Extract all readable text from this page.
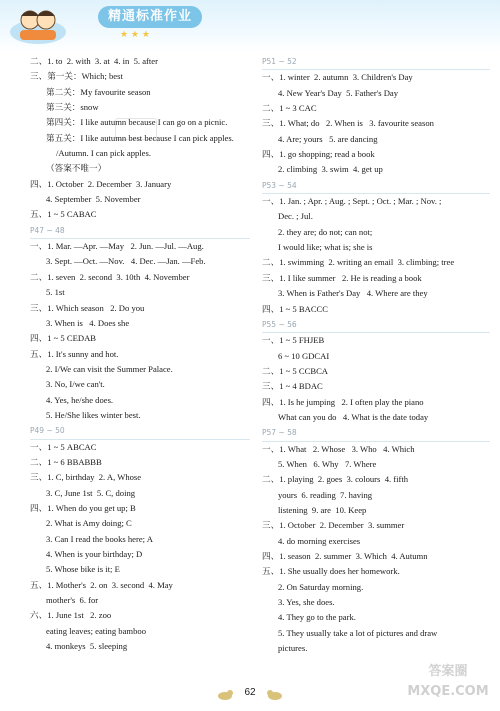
精通标准作业
★ ★ ★
二、1. to  2. with  3. at  4. in  5. after
三、第一关：Which; best
第二关：My favourite season
第三关：snow
第四关：I like autumn because I can go on a picnic.
第五关：I like autumn best because I can pick apples.
/Autumn. I can pick apples.
（答案不唯一）
四、1. October  2. December  3. January
4. September  5. November
五、1 ~ 5 CABAC
P47 ~ 48
一、1. Mar. —Apr. —May   2. Jun. —Jul. —Aug.
3. Sept. —Oct. —Nov.   4. Dec. —Jan. —Feb.
二、1. seven  2. second  3. 10th  4. November
5. 1st
三、1. Which season   2. Do you
3. When is   4. Does she
四、1 ~ 5 CEDAB
五、1. It's sunny and hot.
2. I/We can visit the Summer Palace.
3. No, I/we can't.
4. Yes, he/she does.
5. He/She likes winter best.
P49 ~ 50
一、1 ~ 5 ABCAC
二、1 ~ 6 BBABBB
三、1. C, birthday  2. A, Whose
3. C, June 1st  5. C, doing
四、1. When do you get up; B
2. What is Amy doing; C
3. Can I read the books here; A
4. When is your birthday; D
5. Whose bike is it; E
五、1. Mother's  2. on  3. second  4. May
mother's  6. for
六、1. June 1st   2. zoo
eating leaves; eating bamboo
4. monkeys  5. sleeping
P51 ~ 52
一、1. winter  2. autumn  3. Children's Day
4. New Year's Day  5. Father's Day
二、1 ~ 3 CAC
三、1. What; do   2. When is   3. favourite season
4. Are; yours   5. are dancing
四、1. go shopping; read a book
2. climbing  3. swim  4. get up
P53 ~ 54
一、1. Jan. ; Apr. ; Aug. ; Sept. ; Oct. ; Mar. ; Nov. ;
Dec. ; Jul.
2. they are; do not; can not;
I would like; what is; she is
二、1. swimming  2. writing an email  3. climbing; tree
三、1. I like summer   2. He is reading a book
3. When is Father's Day   4. Where are they
四、1 ~ 5 BACCC
P55 ~ 56
一、1 ~ 5 FHJEB
6 ~ 10 GDCAI
二、1 ~ 5 CCBCA
三、1 ~ 4 BDAC
四、1. Is he jumping   2. I often play the piano
What can you do   4. What is the date today
P57 ~ 58
一、1. What   2. Whose   3. Who   4. Which
5. When   6. Why   7. Where
二、1. playing  2. goes  3. colours  4. fifth
yours  6. reading  7. having
listening  9. are  10. Keep
三、1. October  2. December  3. summer
4. do morning exercises
四、1. season  2. summer  3. Which  4. Autumn
五、1. She usually does her homework.
2. On Saturday morning.
3. Yes, she does.
4. They go to the park.
5. They usually take a lot of pictures and draw
pictures.
62
答案圈
MXQE.COM
